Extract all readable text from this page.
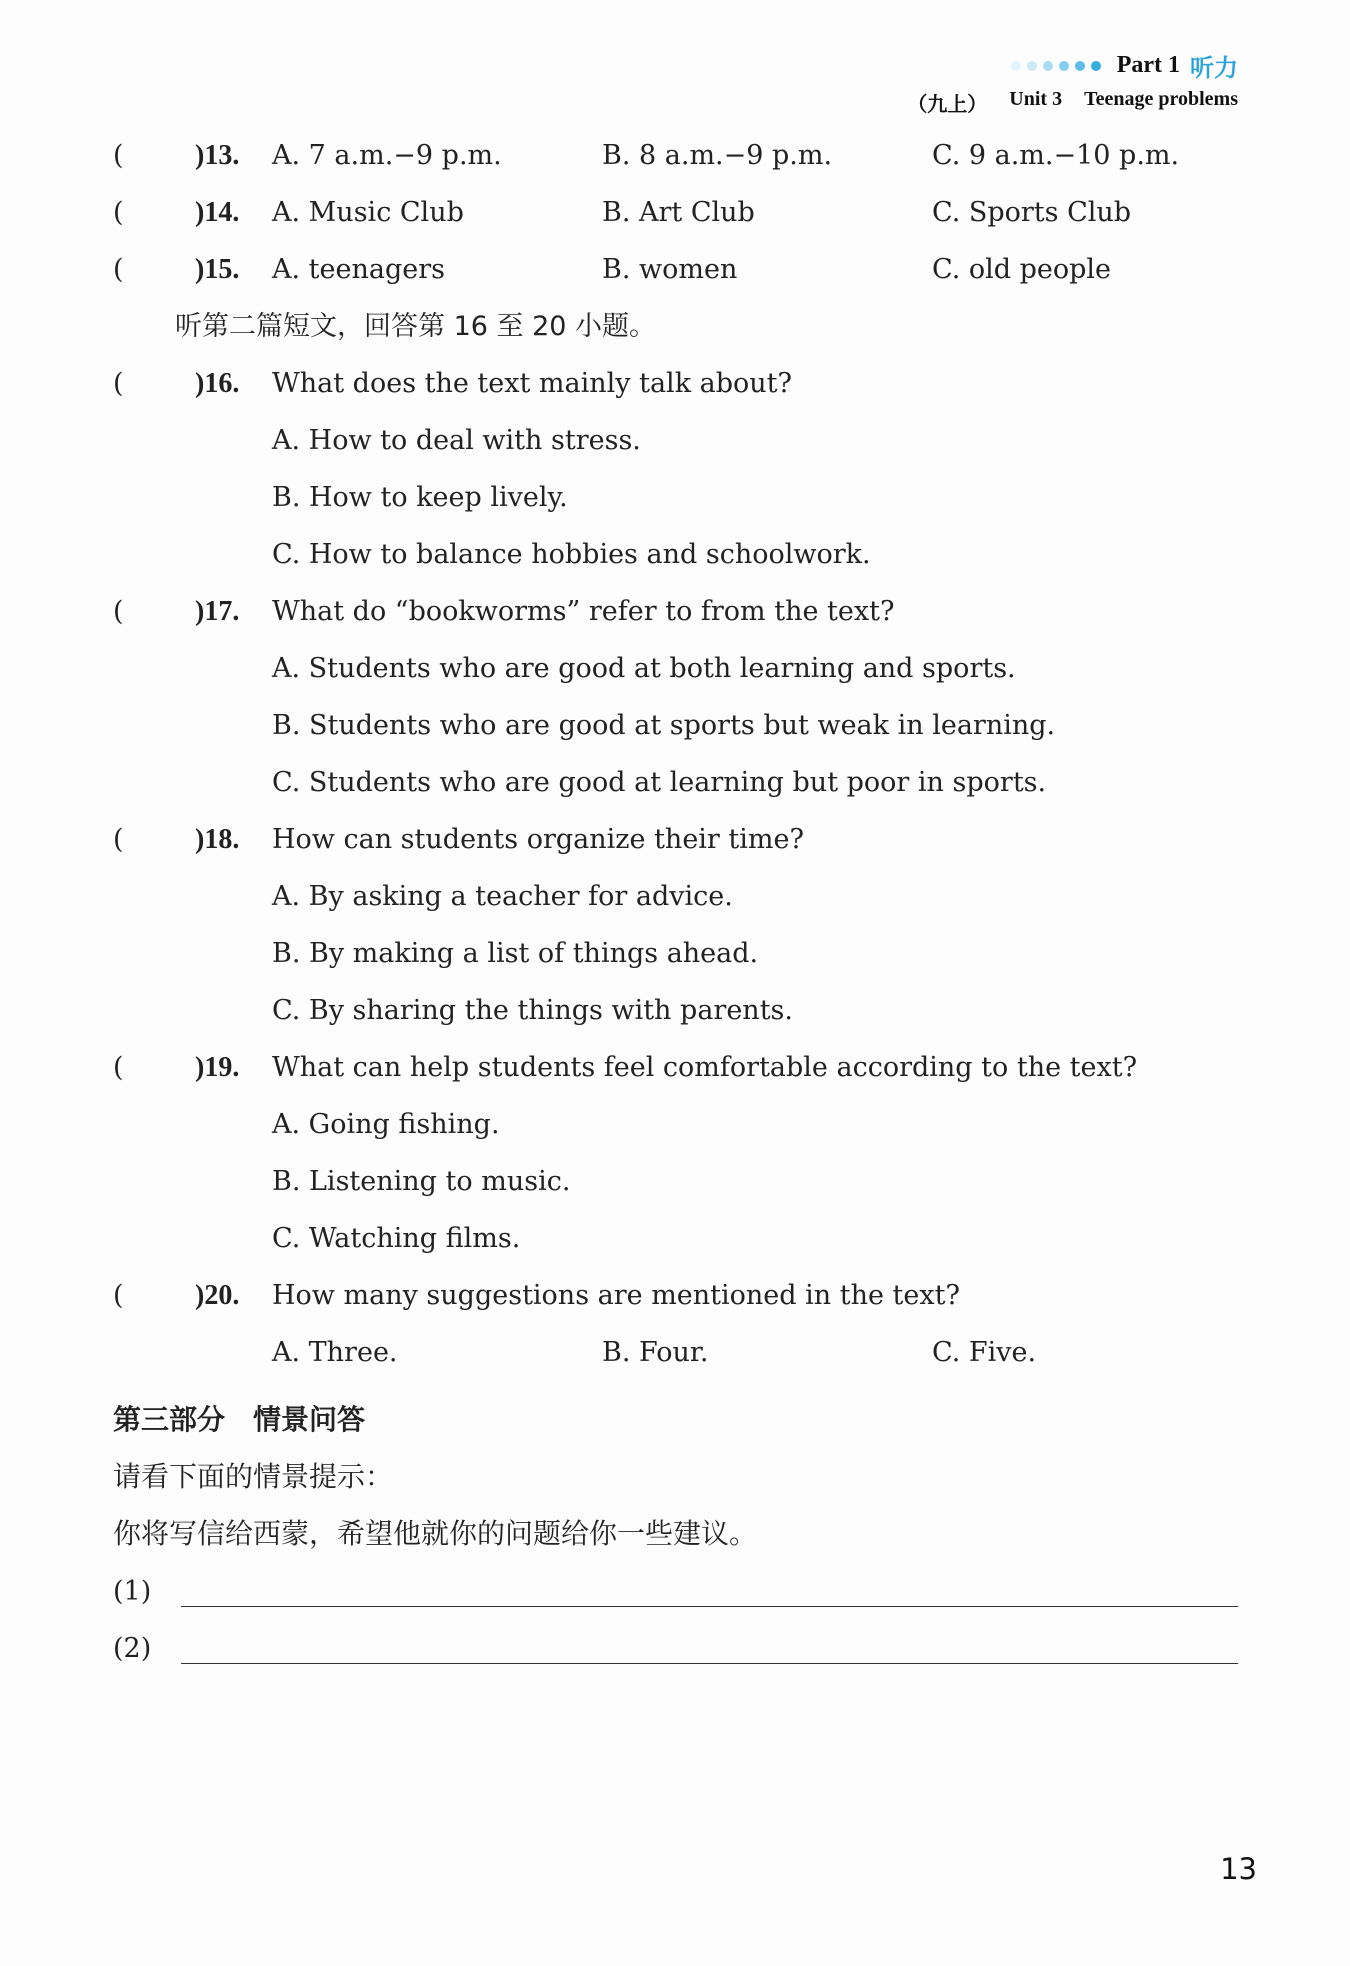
Part 1 听力
（九上） Unit 3 Teenage problems
(	)13. A. 7 a.m.−9 p.m.	B. 8 a.m.−9 p.m.	C. 9 a.m.−10 p.m.
(	)14. A. Music Club	B. Art Club	C. Sports Club
(	)15. A. teenagers	B. women	C. old people
听第二篇短文，回答第 16 至 20 小题。
(	)16. What does the text mainly talk about?
A. How to deal with stress.
B. How to keep lively.
C. How to balance hobbies and schoolwork.
(	)17. What do “bookworms” refer to from the text?
A. Students who are good at both learning and sports.
B. Students who are good at sports but weak in learning.
C. Students who are good at learning but poor in sports.
(	)18. How can students organize their time?
A. By asking a teacher for advice.
B. By making a list of things ahead.
C. By sharing the things with parents.
(	)19. What can help students feel comfortable according to the text?
A. Going fishing.
B. Listening to music.
C. Watching films.
(	)20. How many suggestions are mentioned in the text?
A. Three.	B. Four.	C. Five.
第三部分　情景问答
请看下面的情景提示：
你将写信给西蒙，希望他就你的问题给你一些建议。
(1)
(2)
13
